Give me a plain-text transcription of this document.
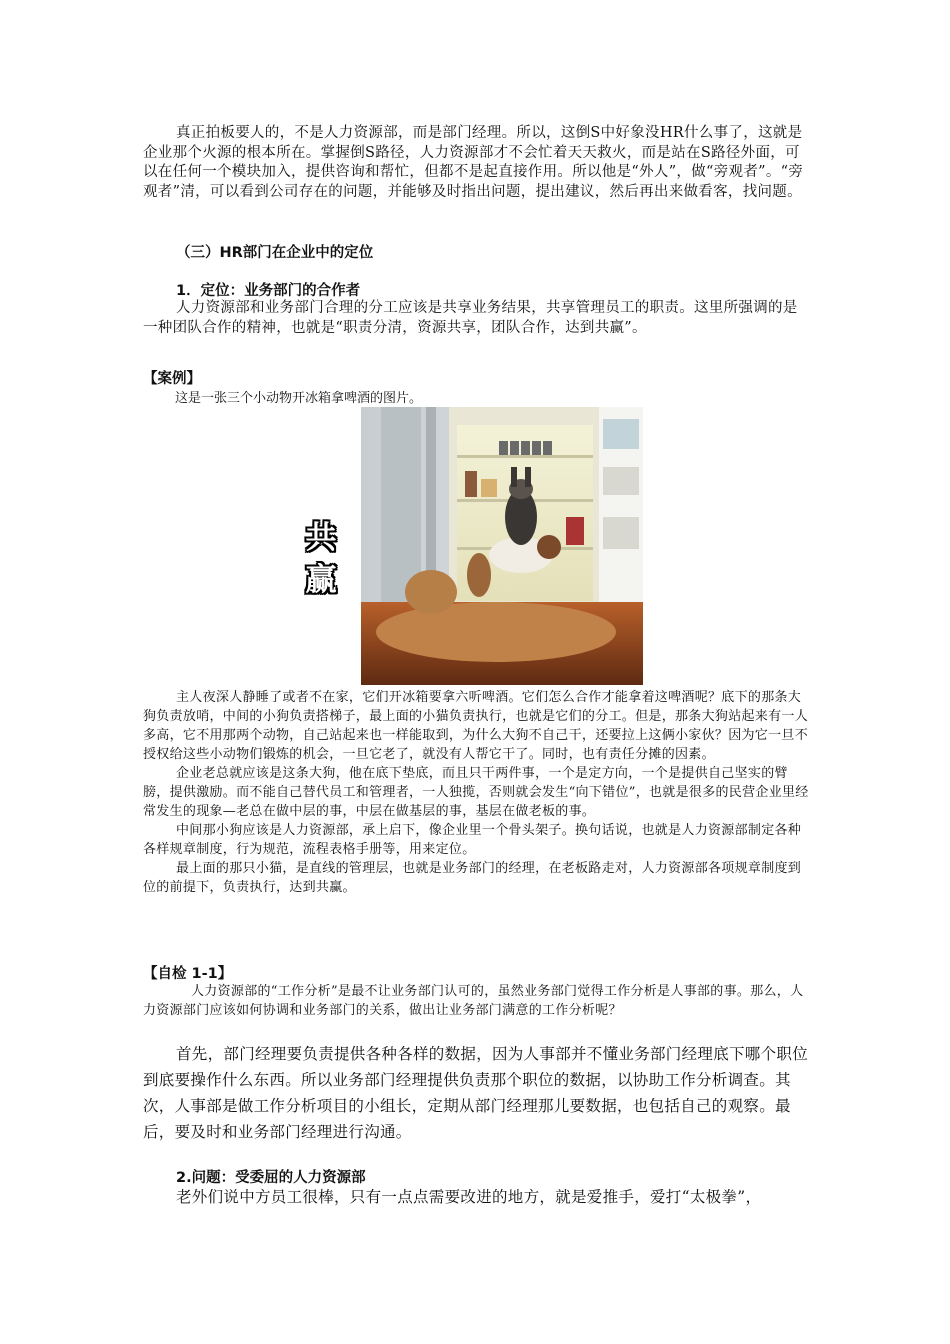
真正拍板要人的，不是人力资源部，而是部门经理。所以，这倒S中好象没HR什么事了，这就是企业那个火源的根本所在。掌握倒S路径，人力资源部才不会忙着天天救火，而是站在S路径外面，可以在任何一个模块加入，提供咨询和帮忙，但都不是起直接作用。所以他是“外人”，做“旁观者”。“旁观者”清，可以看到公司存在的问题，并能够及时指出问题，提出建议，然后再出来做看客，找问题。

（三）HR部门在企业中的定位
1．定位：业务部门的合作者

人力资源部和业务部门合理的分工应该是共享业务结果，共享管理员工的职责。这里所强调的是一种团队合作的精神，也就是“职责分清，资源共享，团队合作，达到共赢”。

【案例】
这是一张三个小动物开冰箱拿啤酒的图片。
共
赢

主人夜深人静睡了或者不在家，它们开冰箱要拿六听啤酒。它们怎么合作才能拿着这啤酒呢？底下的那条大狗负责放哨，中间的小狗负责搭梯子，最上面的小猫负责执行，也就是它们的分工。但是，那条大狗站起来有一人多高，它不用那两个动物，自己站起来也一样能取到，为什么大狗不自己干，还要拉上这俩小家伙？因为它一旦不授权给这些小动物们锻炼的机会，一旦它老了，就没有人帮它干了。同时，也有责任分摊的因素。

企业老总就应该是这条大狗，他在底下垫底，而且只干两件事，一个是定方向，一个是提供自己坚实的臂膀，提供激励。而不能自己替代员工和管理者，一人独揽，否则就会发生“向下错位”，也就是很多的民营企业里经常发生的现象—老总在做中层的事，中层在做基层的事，基层在做老板的事。

中间那小狗应该是人力资源部，承上启下，像企业里一个骨头架子。换句话说，也就是人力资源部制定各种各样规章制度，行为规范，流程表格手册等，用来定位。

最上面的那只小猫，是直线的管理层，也就是业务部门的经理，在老板路走对，人力资源部各项规章制度到位的前提下，负责执行，达到共赢。

【自检 1-1】

人力资源部的“工作分析”是最不让业务部门认可的，虽然业务部门觉得工作分析是人事部的事。那么，人力资源部门应该如何协调和业务部门的关系，做出让业务部门满意的工作分析呢？

首先，部门经理要负责提供各种各样的数据，因为人事部并不懂业务部门经理底下哪个职位到底要操作什么东西。所以业务部门经理提供负责那个职位的数据，以协助工作分析调查。其次，人事部是做工作分析项目的小组长，定期从部门经理那儿要数据，也包括自己的观察。最后，要及时和业务部门经理进行沟通。

2.问题：受委屈的人力资源部

老外们说中方员工很棒，只有一点点需要改进的地方，就是爱推手，爱打“太极拳”，
